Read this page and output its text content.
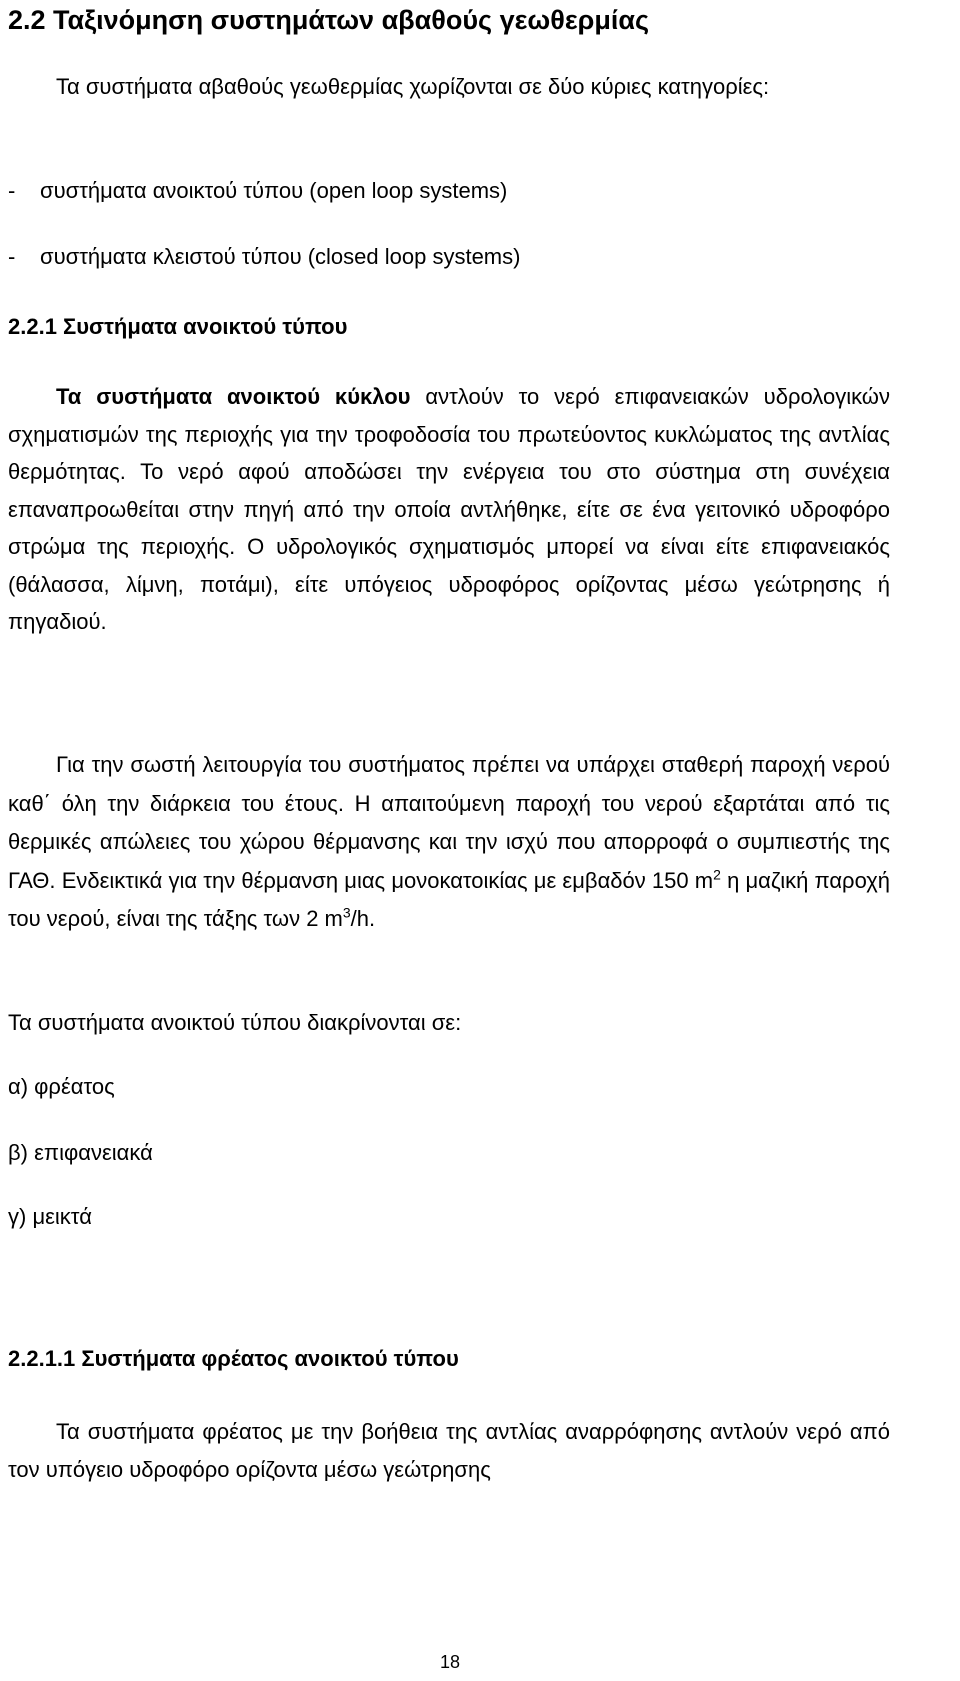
2.2 Ταξινόμηση συστημάτων αβαθούς γεωθερμίας

Τα συστήματα αβαθούς γεωθερμίας χωρίζονται σε δύο κύριες κατηγορίες:

- συστήματα ανοικτού τύπου (open loop systems)
- συστήματα κλειστού τύπου (closed loop systems)
2.2.1 Συστήματα ανοικτού τύπου

Τα συστήματα ανοικτού κύκλου αντλούν το νερό επιφανειακών υδρολογικών σχηματισμών της περιοχής για την τροφοδοσία του πρωτεύοντος κυκλώματος της αντλίας θερμότητας. Το νερό αφού αποδώσει την ενέργεια του στο σύστημα στη συνέχεια επαναπροωθείται στην πηγή από την οποία αντλήθηκε, είτε σε ένα γειτονικό υδροφόρο στρώμα της περιοχής. Ο υδρολογικός σχηματισμός μπορεί να είναι είτε επιφανειακός (θάλασσα, λίμνη, ποτάμι), είτε υπόγειος υδροφόρος ορίζοντας μέσω γεώτρησης ή πηγαδιού.

Για την σωστή λειτουργία του συστήματος πρέπει να υπάρχει σταθερή παροχή νερού καθ΄ όλη την διάρκεια του έτους. Η απαιτούμενη παροχή του νερού εξαρτάται από τις θερμικές απώλειες του χώρου θέρμανσης και την ισχύ που απορροφά ο συμπιεστής της ΓΑΘ. Ενδεικτικά για την θέρμανση μιας μονοκατοικίας με εμβαδόν 150 $m^2$ η μαζική παροχή του νερού, είναι της τάξης των 2 $m^3/h$.

Τα συστήματα ανοικτού τύπου διακρίνονται σε:

α) φρέατος

β) επιφανειακά

γ) μεικτά

2.2.1.1 Συστήματα φρέατος ανοικτού τύπου

Τα συστήματα φρέατος με την βοήθεια της αντλίας αναρρόφησης αντλούν νερό από τον υπόγειο υδροφόρο ορίζοντα μέσω γεώτρησης

18
